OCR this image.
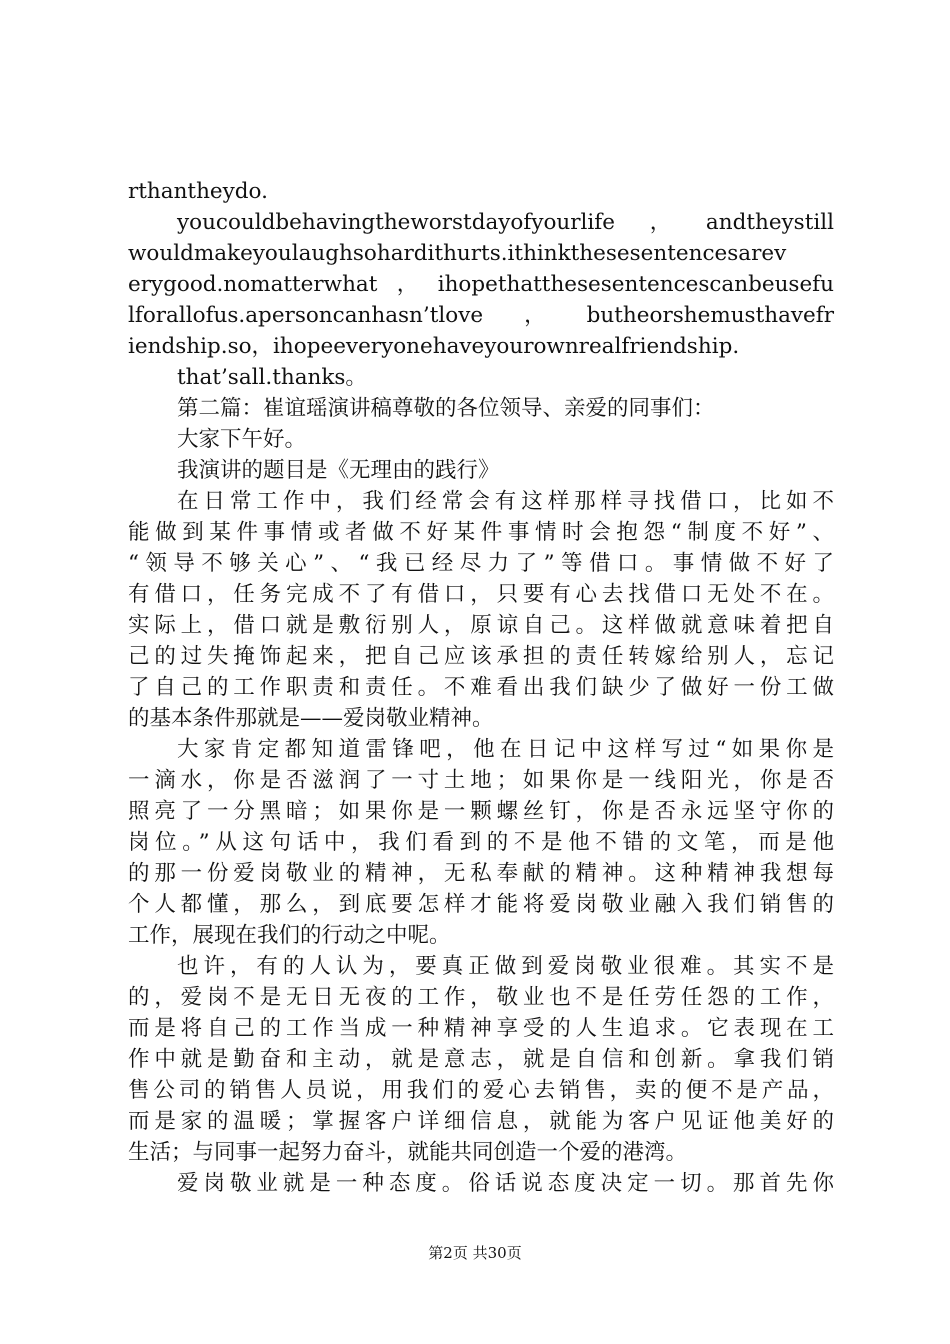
rthantheydo.
youcouldbehavingtheworstdayofyourlife，andtheystill
wouldmakeyoulaughsohardithurts.ithinkthesesentencesarev
erygood.nomatterwhat，ihopethatthesesentencescanbeusefu
lforallofus.apersoncanhasn’tlove，butheorshemusthavefr
iendship.so，ihopeeveryonehaveyourownrealfriendship.
that’sall.thanks。
第二篇：崔谊瑶演讲稿尊敬的各位领导、亲爱的同事们：
大家下午好。
我演讲的题目是《无理由的践行》
在日常工作中，我们经常会有这样那样寻找借口，比如不
能做到某件事情或者做不好某件事情时会抱怨“制度不好”、
“领导不够关心”、“我已经尽力了”等借口。事情做不好了
有借口，任务完成不了有借口，只要有心去找借口无处不在。
实际上，借口就是敷衍别人，原谅自己。这样做就意味着把自
己的过失掩饰起来，把自己应该承担的责任转嫁给别人，忘记
了自己的工作职责和责任。不难看出我们缺少了做好一份工做
的基本条件那就是——爱岗敬业精神。
大家肯定都知道雷锋吧，他在日记中这样写过“如果你是
一滴水，你是否滋润了一寸土地；如果你是一线阳光，你是否
照亮了一分黑暗；如果你是一颗螺丝钉，你是否永远坚守你的
岗位。”从这句话中，我们看到的不是他不错的文笔，而是他
的那一份爱岗敬业的精神，无私奉献的精神。这种精神我想每
个人都懂，那么，到底要怎样才能将爱岗敬业融入我们销售的
工作，展现在我们的行动之中呢。
也许，有的人认为，要真正做到爱岗敬业很难。其实不是
的，爱岗不是无日无夜的工作，敬业也不是任劳任怨的工作，
而是将自己的工作当成一种精神享受的人生追求。它表现在工
作中就是勤奋和主动，就是意志，就是自信和创新。拿我们销
售公司的销售人员说，用我们的爱心去销售，卖的便不是产品，
而是家的温暖；掌握客户详细信息，就能为客户见证他美好的
生活；与同事一起努力奋斗，就能共同创造一个爱的港湾。
爱岗敬业就是一种态度。俗话说态度决定一切。那首先你
第2页 共30页
